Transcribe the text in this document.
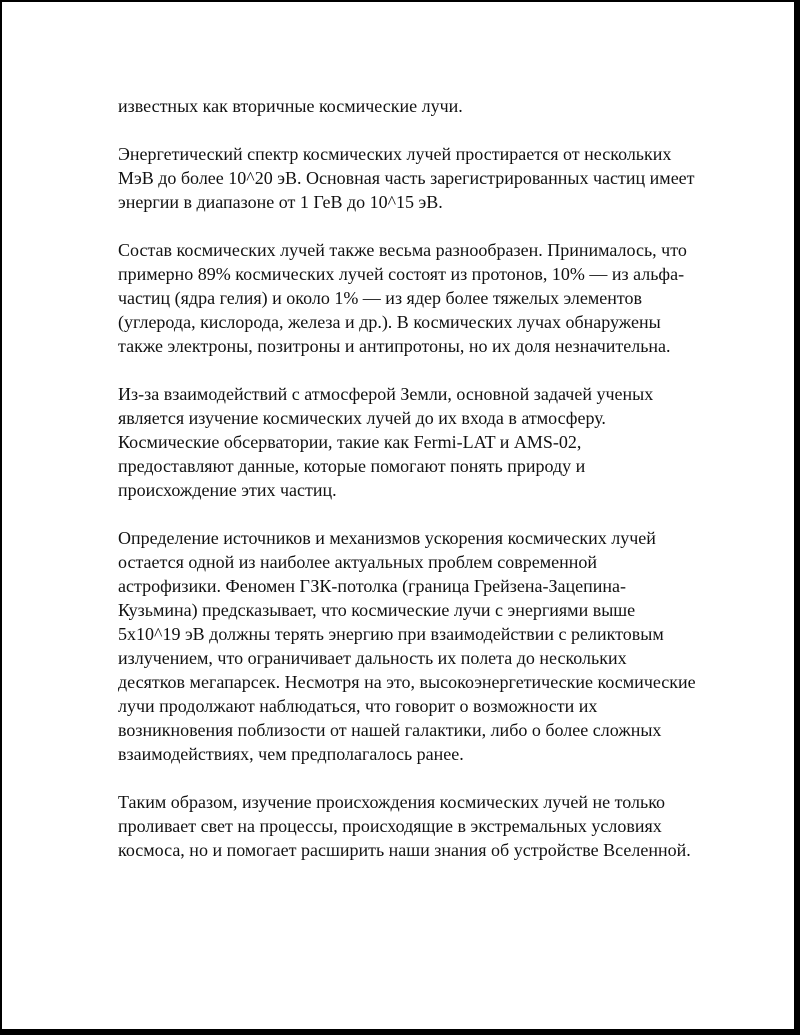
известных как вторичные космические лучи.

Энергетический спектр космических лучей простирается от нескольких МэВ до более 10^20 эВ. Основная часть зарегистрированных частиц имеет энергии в диапазоне от 1 ГеВ до 10^15 эВ.

Состав космических лучей также весьма разнообразен. Принималось, что примерно 89% космических лучей состоят из протонов, 10% — из альфа-частиц (ядра гелия) и около 1% — из ядер более тяжелых элементов (углерода, кислорода, железа и др.). В космических лучах обнаружены также электроны, позитроны и антипротоны, но их доля незначительна.

Из-за взаимодействий с атмосферой Земли, основной задачей ученых является изучение космических лучей до их входа в атмосферу. Космические обсерватории, такие как Fermi-LAT и AMS-02, предоставляют данные, которые помогают понять природу и происхождение этих частиц.

Определение источников и механизмов ускорения космических лучей остается одной из наиболее актуальных проблем современной астрофизики. Феномен ГЗК-потолка (граница Грейзена-Зацепина-Кузьмина) предсказывает, что космические лучи с энергиями выше 5x10^19 эВ должны терять энергию при взаимодействии с реликтовым излучением, что ограничивает дальность их полета до нескольких десятков мегапарсек. Несмотря на это, высокоэнергетические космические лучи продолжают наблюдаться, что говорит о возможности их возникновения поблизости от нашей галактики, либо о более сложных взаимодействиях, чем предполагалось ранее.

Таким образом, изучение происхождения космических лучей не только проливает свет на процессы, происходящие в экстремальных условиях космоса, но и помогает расширить наши знания об устройстве Вселенной.
